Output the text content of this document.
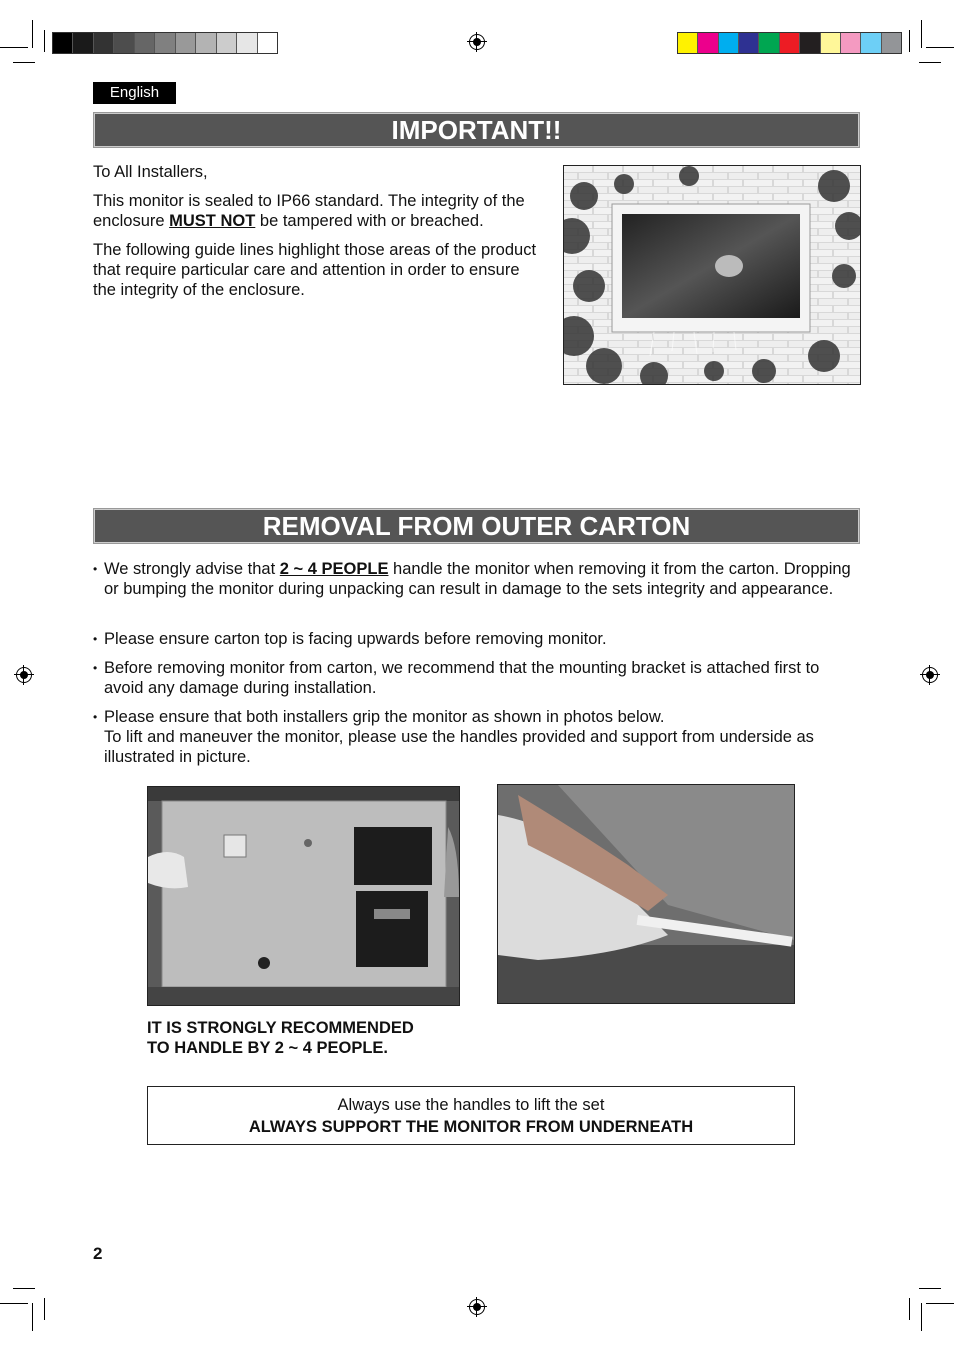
English
IMPORTANT!!

To All Installers,

This monitor is sealed to IP66 standard. The integrity of the enclosure MUST NOT be tampered with or breached.

The following guide lines highlight those areas of the product that require particular care and attention in order to ensure the integrity of the enclosure.

REMOVAL FROM OUTER CARTON
• We strongly advise that 2 ~ 4 PEOPLE handle the monitor when removing it from the carton. Dropping or bumping the monitor during unpacking can result in damage to the sets integrity and appearance.
• Please ensure carton top is facing upwards before removing monitor.
• Before removing monitor from carton, we recommend that the mounting bracket is attached first to avoid any damage during installation.
• Please ensure that both installers grip the monitor as shown in photos below.
To lift and maneuver the monitor, please use the handles provided and support from underside as illustrated in picture.
IT IS STRONGLY RECOMMENDED
TO HANDLE BY 2 ~ 4 PEOPLE.
Always use the handles to lift the set
ALWAYS SUPPORT THE MONITOR FROM UNDERNEATH
2
